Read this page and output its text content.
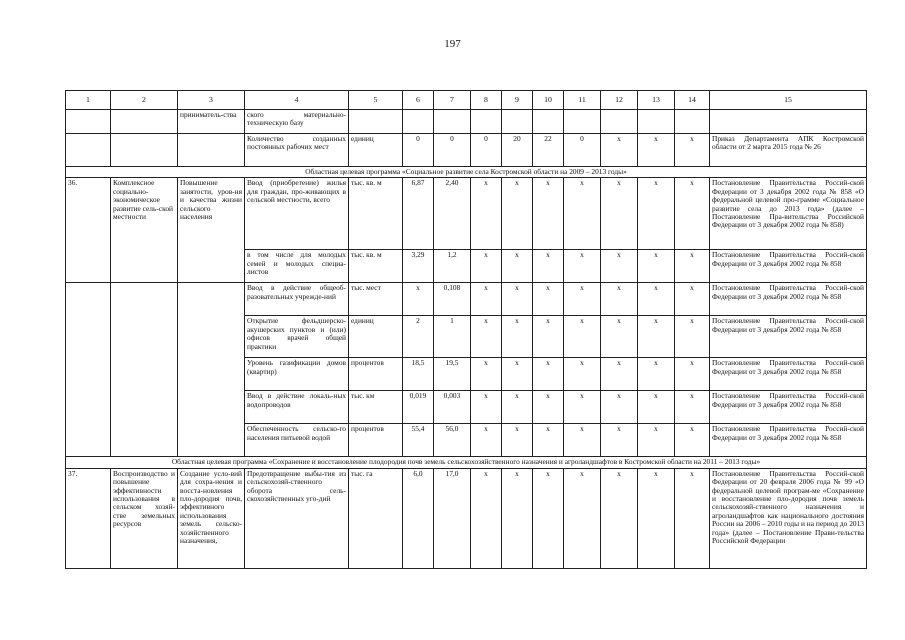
197
1	2	3	4	5	6	7	8	9	10	11	12	13	14	15
		приниматель-ства	ского материально-техническую базу											
			Количество созданных постоянных рабочих мест	единиц	0	0	0	20	22	0	x	x	x	Приказ Департамента АПК Костромской области от 2 марта 2015 года № 26
Областная целевая программа «Социальное развитие села Костромской области на 2009 – 2013 годы»														
36.	Комплексное социально-экономическое развитие сель-ской местности	Повышение занятости, уров-ня и качества жизни сельского населения	Ввод (приобретение) жилья для граждан, про-живающих в сельской местности, всего	тыс. кв. м	6,87	2,40	x	x	x	x	x	x	x	Постановление Правительства Россий-ской Федерации от 3 декабря 2002 года № 858 «О федеральной целевой про-грамме «Социальное развитие села до 2013 года» (далее – Постановление Пра-вительства Российской Федерации от 3 декабря 2002 года № 858)
			в том числе для молодых семей и молодых специа-листов	тыс. кв. м	3,29	1,2	x	x	x	x	x	x	x	Постановление Правительства Россий-ской Федерации от 3 декабря 2002 года № 858
			Ввод в действие общеоб-разовательных учрежде-ний	тыс. мест	x	0,108	x	x	x	x	x	x	x	Постановление Правительства Россий-ской Федерации от 3 декабря 2002 года № 858
			Открытие фельдшерско-акушерских пунктов и (или) офисов врачей общей практики	единиц	2	1	x	x	x	x	x	x	x	Постановление Правительства Россий-ской Федерации от 3 декабря 2002 года № 858
			Уровень газификации домов (квартир)	процентов	18,5	19,5	x	x	x	x	x	x	x	Постановление Правительства Россий-ской Федерации от 3 декабря 2002 года № 858
			Ввод в действие локаль-ных водопроводов	тыс. км	0,019	0,003	x	x	x	x	x	x	x	Постановление Правительства Россий-ской Федерации от 3 декабря 2002 года № 858
			Обеспеченность сельско-го населения питьевой водой	процентов	55,4	56,0	x	x	x	x	x	x	x	Постановление Правительства Россий-ской Федерации от 3 декабря 2002 года № 858
Областная целевая программа «Сохранение и восстановление плодородия почв земель сельскохозяйственного назначения и агроландшафтов в Костромской области на 2011 – 2013 годы»														
37.	Воспроизводство и повышение эффективности использования в сельском хозяй-стве земельных ресурсов	Создание усло-вий для сохра-нения и восста-новления пло-дородия почв, эффективного использования земель сельско-хозяйственного назначения,	Предотвращение выбы-тия из сельскохозяй-ственного оборота сель-скохозяйственных уго-дий	тыс. га	6,0	17,0	x	x	x	x	x	x	x	Постановление Правительства Россий-ской Федерации от 20 февраля 2006 года № 99 «О федеральной целевой програм-ме «Сохранение и восстановление пло-дородия почв земель сельскохозяй-ственного назначения и агроландшафтов как национального достояния России на 2006 – 2010 годы и на период до 2013 года» (далее – Постановление Прави-тельства Российской Федерации
